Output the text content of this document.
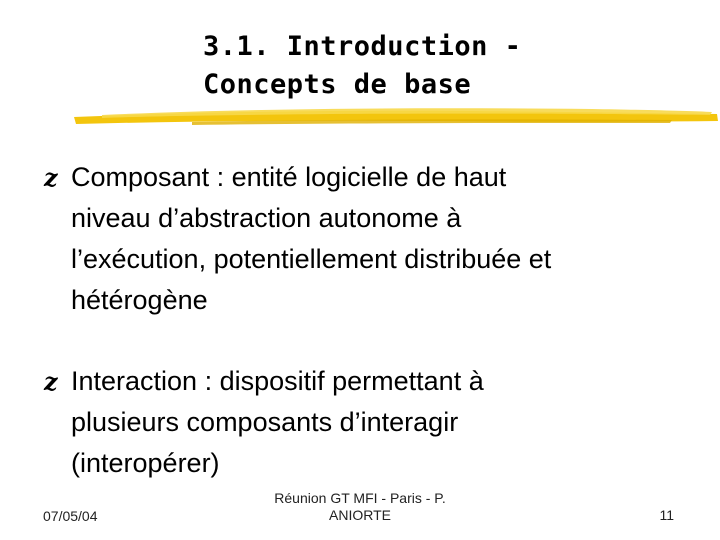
3.1. Introduction -
Concepts de base
z Composant : entité logicielle de haut
niveau d’abstraction autonome à
l’exécution, potentiellement distribuée et
hétérogène
z Interaction : dispositif permettant à
plusieurs composants d’interagir
(interopérer)
07/05/04
Réunion GT MFI - Paris - P.
ANIORTE	11
